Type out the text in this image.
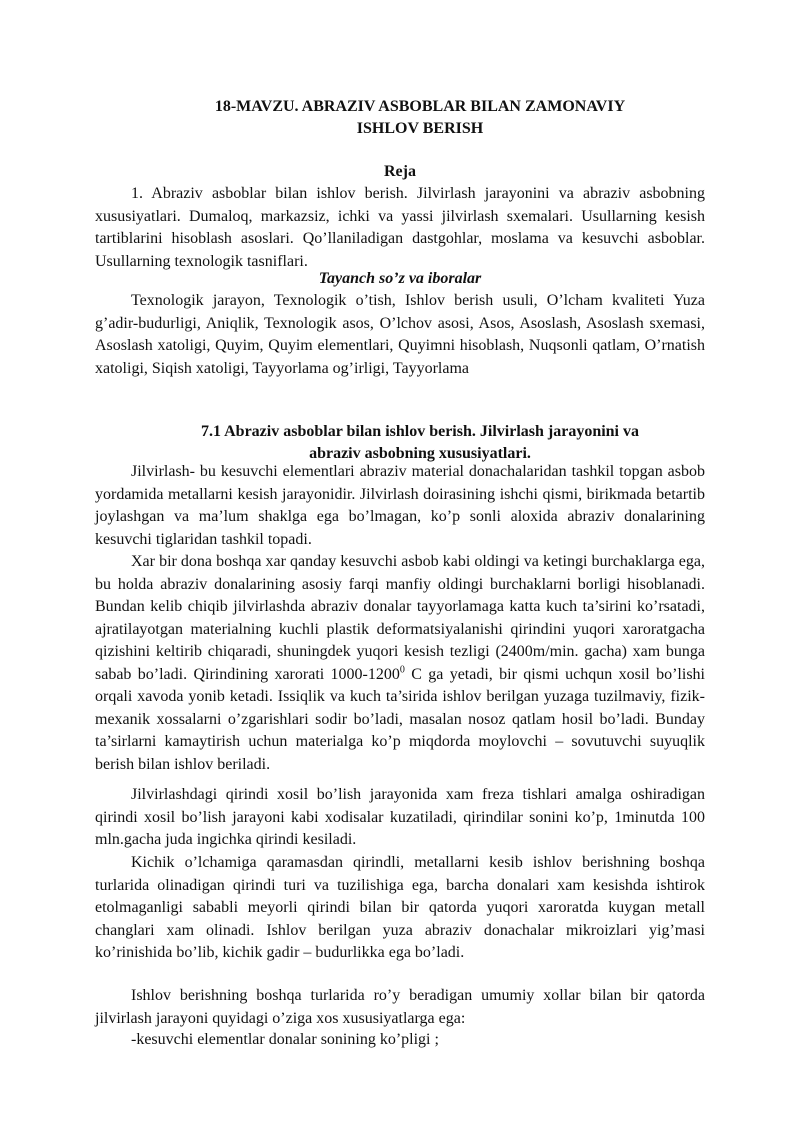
18-MAVZU. ABRAZIV ASBOBLAR BILAN ZAMONAVIY
ISHLOV BERISH
Reja

1. Abraziv asboblar bilan ishlov berish. Jilvirlash jarayonini va abraziv asbobning xususiyatlari. Dumaloq, markazsiz, ichki va yassi jilvirlash sxemalari. Usullarning kesish tartiblarini hisoblash asoslari. Qo’llaniladigan dastgohlar, moslama va kesuvchi asboblar. Usullarning texnologik tasniflari.

Tayanch so’z va iboralar

Texnologik jarayon, Texnologik o’tish, Ishlov berish usuli, O’lcham kvaliteti Yuza g’adir-budurligi, Aniqlik, Texnologik asos, O’lchov asosi, Asos, Asoslash, Asoslash sxemasi, Asoslash xatoligi, Quyim, Quyim elementlari, Quyimni hisoblash, Nuqsonli qatlam, O’rnatish xatoligi, Siqish xatoligi, Tayyorlama og’irligi, Tayyorlama

7.1 Abraziv asboblar bilan ishlov berish. Jilvirlash jarayonini va
abraziv asbobning xususiyatlari.

Jilvirlash- bu kesuvchi elementlari abraziv material donachalaridan tashkil topgan asbob yordamida metallarni kesish jarayonidir. Jilvirlash doirasining ishchi qismi, birikmada betartib joylashgan va ma’lum shaklga ega bo’lmagan, ko’p sonli aloxida abraziv donalarining kesuvchi tiglaridan tashkil topadi.

Xar bir dona boshqa xar qanday kesuvchi asbob kabi oldingi va ketingi burchaklarga ega, bu holda abraziv donalarining asosiy farqi manfiy oldingi burchaklarni borligi hisoblanadi. Bundan kelib chiqib jilvirlashda abraziv donalar tayyorlamaga katta kuch ta’sirini ko’rsatadi, ajratilayotgan materialning kuchli plastik deformatsiyalanishi qirindini yuqori xaroratgacha qizishini keltirib chiqaradi, shuningdek yuqori kesish tezligi (2400m/min. gacha) xam bunga sabab bo’ladi. Qirindining xarorati 1000-1200$^0$ C ga yetadi, bir qismi uchqun xosil bo’lishi orqali xavoda yonib ketadi. Issiqlik va kuch ta’sirida ishlov berilgan yuzaga tuzilmaviy, fizik-mexanik xossalarni o’zgarishlari sodir bo’ladi, masalan nosoz qatlam hosil bo’ladi. Bunday ta’sirlarni kamaytirish uchun materialga ko’p miqdorda moylovchi – sovutuvchi suyuqlik berish bilan ishlov beriladi.

Jilvirlashdagi qirindi xosil bo’lish jarayonida xam freza tishlari amalga oshiradigan qirindi xosil bo’lish jarayoni kabi xodisalar kuzatiladi, qirindilar sonini ko’p, 1minutda 100 mln.gacha juda ingichka qirindi kesiladi.

Kichik o’lchamiga qaramasdan qirindli, metallarni kesib ishlov berishning boshqa turlarida olinadigan qirindi turi va tuzilishiga ega, barcha donalari xam kesishda ishtirok etolmaganligi sababli meyorli qirindi bilan bir qatorda yuqori xaroratda kuygan metall changlari xam olinadi. Ishlov berilgan yuza abraziv donachalar mikroizlari yig’masi ko’rinishida bo’lib, kichik gadir – budurlikka ega bo’ladi.

Ishlov berishning boshqa turlarida ro’y beradigan umumiy xollar bilan bir qatorda jilvirlash jarayoni quyidagi o’ziga xos xususiyatlarga ega:

-kesuvchi elementlar donalar sonining ko’pligi ;
